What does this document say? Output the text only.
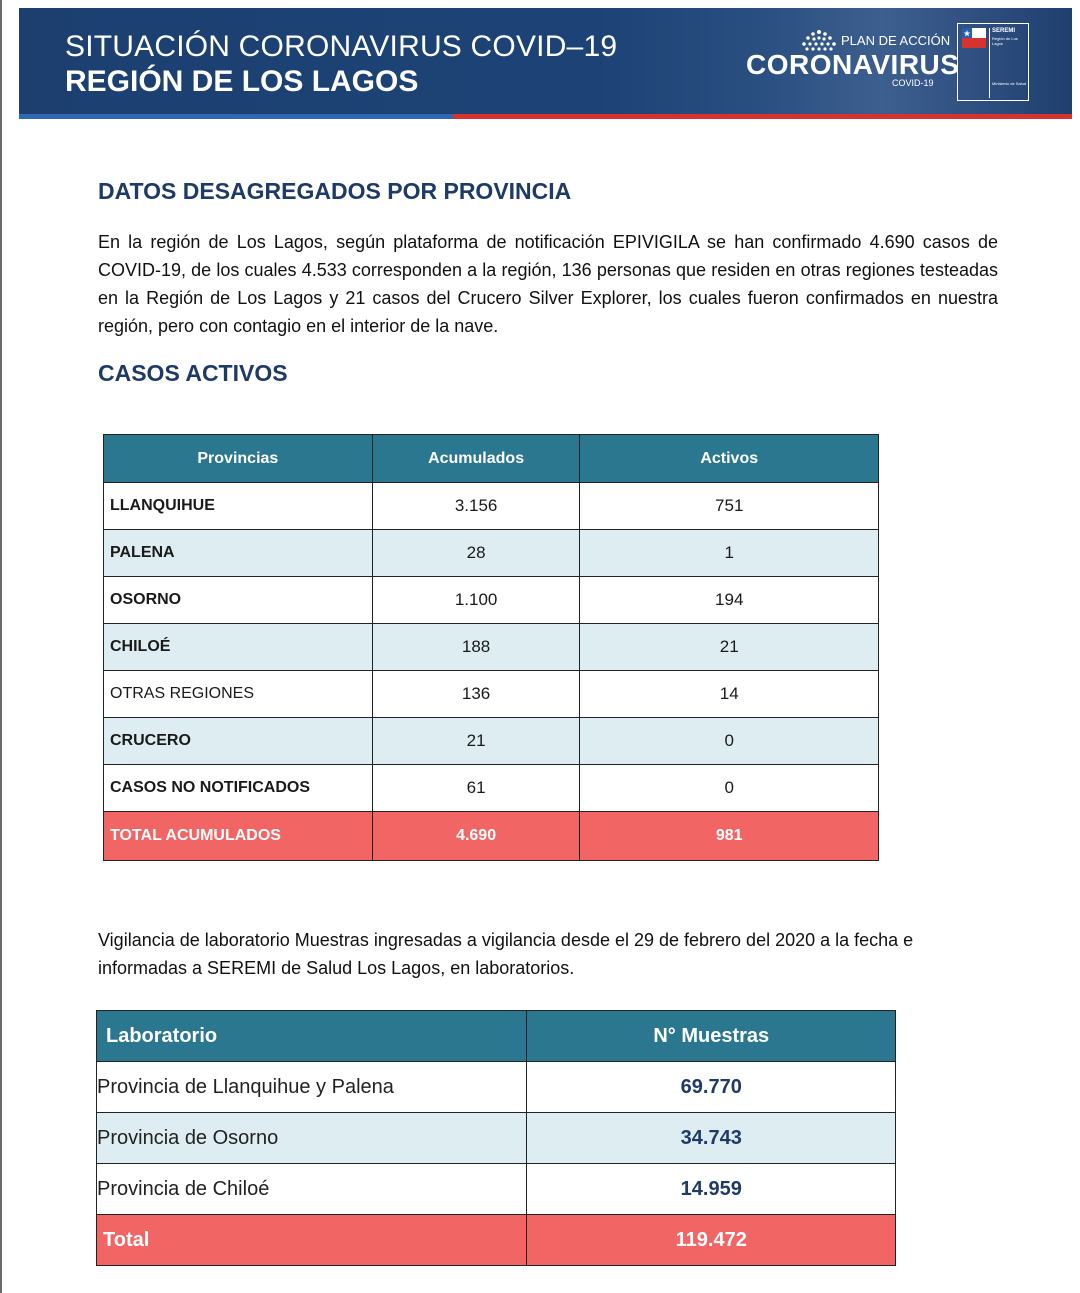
SITUACIÓN CORONAVIRUS COVID–19
REGIÓN DE LOS LAGOS
PLAN DE ACCIÓN
CORONAVIRUS
COVID-19
SEREMI
Región de Los Lagos
Ministerio de Salud
DATOS DESAGREGADOS POR PROVINCIA
En la región de Los Lagos, según plataforma de notificación EPIVIGILA se han confirmado 4.690 casos de COVID-19, de los cuales 4.533 corresponden a la región, 136 personas que residen en otras regiones testeadas en la Región de Los Lagos y 21 casos del Crucero Silver Explorer, los cuales fueron confirmados en nuestra región, pero con contagio en el interior de la nave.
CASOS ACTIVOS
Provincias	Acumulados	Activos
LLANQUIHUE	3.156	751
PALENA	28	1
OSORNO	1.100	194
CHILOÉ	188	21
OTRAS REGIONES	136	14
CRUCERO	21	0
CASOS NO NOTIFICADOS	61	0
TOTAL ACUMULADOS	4.690	981
Vigilancia de laboratorio Muestras ingresadas a vigilancia desde el 29 de febrero del 2020 a la fecha e informadas a SEREMI de Salud Los Lagos, en laboratorios.
Laboratorio	N° Muestras
Provincia de Llanquihue y Palena	69.770
Provincia de Osorno	34.743
Provincia de Chiloé	14.959
Total	119.472
